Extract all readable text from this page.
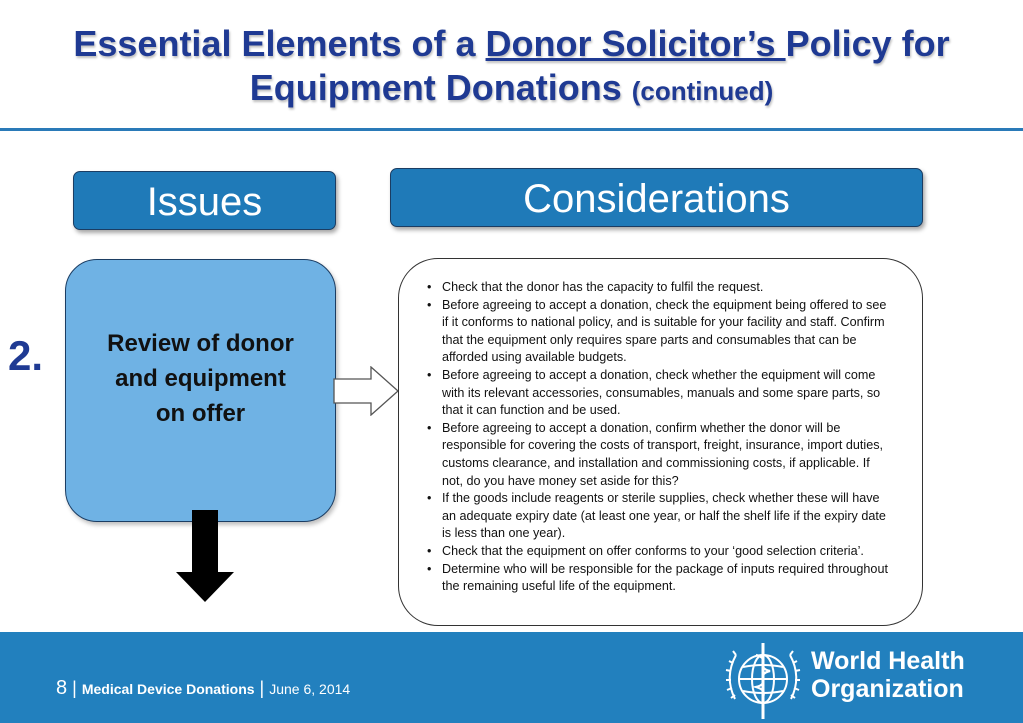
Essential Elements of a Donor Solicitor’s Policy for
Equipment Donations (continued)
Issues	Considerations
2.	Review of donor
and equipment
on offer
• Check that the donor has the capacity to fulfil the request.
• Before agreeing to accept a donation, check the equipment being offered to see if it conforms to national policy, and is suitable for your facility and staff. Confirm that the equipment only requires spare parts and consumables that can be afforded using available budgets.
• Before agreeing to accept a donation, check whether the equipment will come with its relevant accessories, consumables, manuals and some spare parts, so that it can function and be used.
• Before agreeing to accept a donation, confirm whether the donor will be responsible for covering the costs of transport, freight, insurance, import duties, customs clearance, and installation and commissioning costs, if applicable. If not, do you have money set aside for this?
• If the goods include reagents or sterile supplies, check whether these will have an adequate expiry date (at least one year, or half the shelf life if the expiry date is less than one year).
• Check that the equipment on offer conforms to your ‘good selection criteria’.
• Determine who will be responsible for the package of inputs required throughout the remaining useful life of the equipment.
8 | Medical Device Donations | June 6, 2014
World Health
Organization
